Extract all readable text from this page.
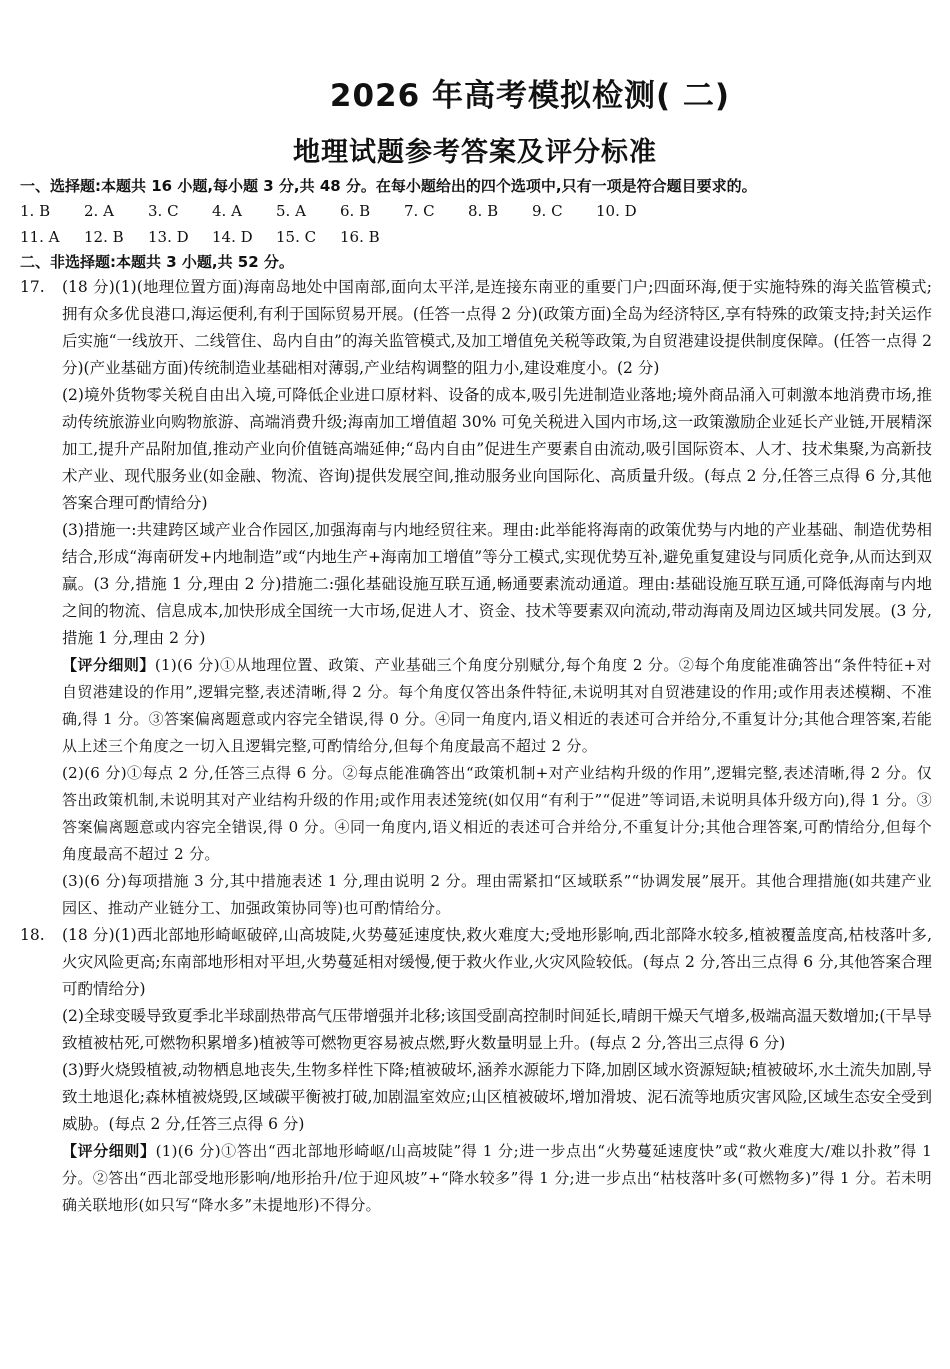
2026 年高考模拟检测( 二)
地理试题参考答案及评分标准
一、选择题:本题共 16 小题,每小题 3 分,共 48 分。在每小题给出的四个选项中,只有一项是符合题目要求的。
1. B 2. A 3. C 4. A 5. A 6. B 7. C 8. B 9. C 10. D
11. A 12. B 13. D 14. D 15. C 16. B
二、非选择题:本题共 3 小题,共 52 分。
17.	(18 分)(1)(地理位置方面)海南岛地处中国南部,面向太平洋,是连接东南亚的重要门户;四面环海,便于实施特殊的海关监管模式;拥有众多优良港口,海运便利,有利于国际贸易开展。(任答一点得 2 分)(政策方面)全岛为经济特区,享有特殊的政策支持;封关运作后实施“一线放开、二线管住、岛内自由”的海关监管模式,及加工增值免关税等政策,为自贸港建设提供制度保障。(任答一点得 2 分)(产业基础方面)传统制造业基础相对薄弱,产业结构调整的阻力小,建设难度小。(2 分)

(2)境外货物零关税自由出入境,可降低企业进口原材料、设备的成本,吸引先进制造业落地;境外商品涌入可刺激本地消费市场,推动传统旅游业向购物旅游、高端消费升级;海南加工增值超 30% 可免关税进入国内市场,这一政策激励企业延长产业链,开展精深加工,提升产品附加值,推动产业向价值链高端延伸;“岛内自由”促进生产要素自由流动,吸引国际资本、人才、技术集聚,为高新技术产业、现代服务业(如金融、物流、咨询)提供发展空间,推动服务业向国际化、高质量升级。(每点 2 分,任答三点得 6 分,其他答案合理可酌情给分)

(3)措施一:共建跨区域产业合作园区,加强海南与内地经贸往来。理由:此举能将海南的政策优势与内地的产业基础、制造优势相结合,形成“海南研发+内地制造”或“内地生产+海南加工增值”等分工模式,实现优势互补,避免重复建设与同质化竞争,从而达到双赢。(3 分,措施 1 分,理由 2 分)措施二:强化基础设施互联互通,畅通要素流动通道。理由:基础设施互联互通,可降低海南与内地之间的物流、信息成本,加快形成全国统一大市场,促进人才、资金、技术等要素双向流动,带动海南及周边区域共同发展。(3 分,措施 1 分,理由 2 分)

【评分细则】(1)(6 分)①从地理位置、政策、产业基础三个角度分别赋分,每个角度 2 分。②每个角度能准确答出“条件特征+对自贸港建设的作用”,逻辑完整,表述清晰,得 2 分。每个角度仅答出条件特征,未说明其对自贸港建设的作用;或作用表述模糊、不准确,得 1 分。③答案偏离题意或内容完全错误,得 0 分。④同一角度内,语义相近的表述可合并给分,不重复计分;其他合理答案,若能从上述三个角度之一切入且逻辑完整,可酌情给分,但每个角度最高不超过 2 分。

(2)(6 分)①每点 2 分,任答三点得 6 分。②每点能准确答出“政策机制+对产业结构升级的作用”,逻辑完整,表述清晰,得 2 分。仅答出政策机制,未说明其对产业结构升级的作用;或作用表述笼统(如仅用“有利于”“促进”等词语,未说明具体升级方向),得 1 分。③答案偏离题意或内容完全错误,得 0 分。④同一角度内,语义相近的表述可合并给分,不重复计分;其他合理答案,可酌情给分,但每个角度最高不超过 2 分。

(3)(6 分)每项措施 3 分,其中措施表述 1 分,理由说明 2 分。理由需紧扣“区域联系”“协调发展”展开。其他合理措施(如共建产业园区、推动产业链分工、加强政策协同等)也可酌情给分。

18.	(18 分)(1)西北部地形崎岖破碎,山高坡陡,火势蔓延速度快,救火难度大;受地形影响,西北部降水较多,植被覆盖度高,枯枝落叶多,火灾风险更高;东南部地形相对平坦,火势蔓延相对缓慢,便于救火作业,火灾风险较低。(每点 2 分,答出三点得 6 分,其他答案合理可酌情给分)

(2)全球变暖导致夏季北半球副热带高气压带增强并北移;该国受副高控制时间延长,晴朗干燥天气增多,极端高温天数增加;(干旱导致植被枯死,可燃物积累增多)植被等可燃物更容易被点燃,野火数量明显上升。(每点 2 分,答出三点得 6 分)

(3)野火烧毁植被,动物栖息地丧失,生物多样性下降;植被破坏,涵养水源能力下降,加剧区域水资源短缺;植被破坏,水土流失加剧,导致土地退化;森林植被烧毁,区域碳平衡被打破,加剧温室效应;山区植被破坏,增加滑坡、泥石流等地质灾害风险,区域生态安全受到威胁。(每点 2 分,任答三点得 6 分)

【评分细则】(1)(6 分)①答出“西北部地形崎岖/山高坡陡”得 1 分;进一步点出“火势蔓延速度快”或“救火难度大/难以扑救”得 1 分。②答出“西北部受地形影响/地形抬升/位于迎风坡”+“降水较多”得 1 分;进一步点出“枯枝落叶多(可燃物多)”得 1 分。若未明确关联地形(如只写“降水多”未提地形)不得分。
